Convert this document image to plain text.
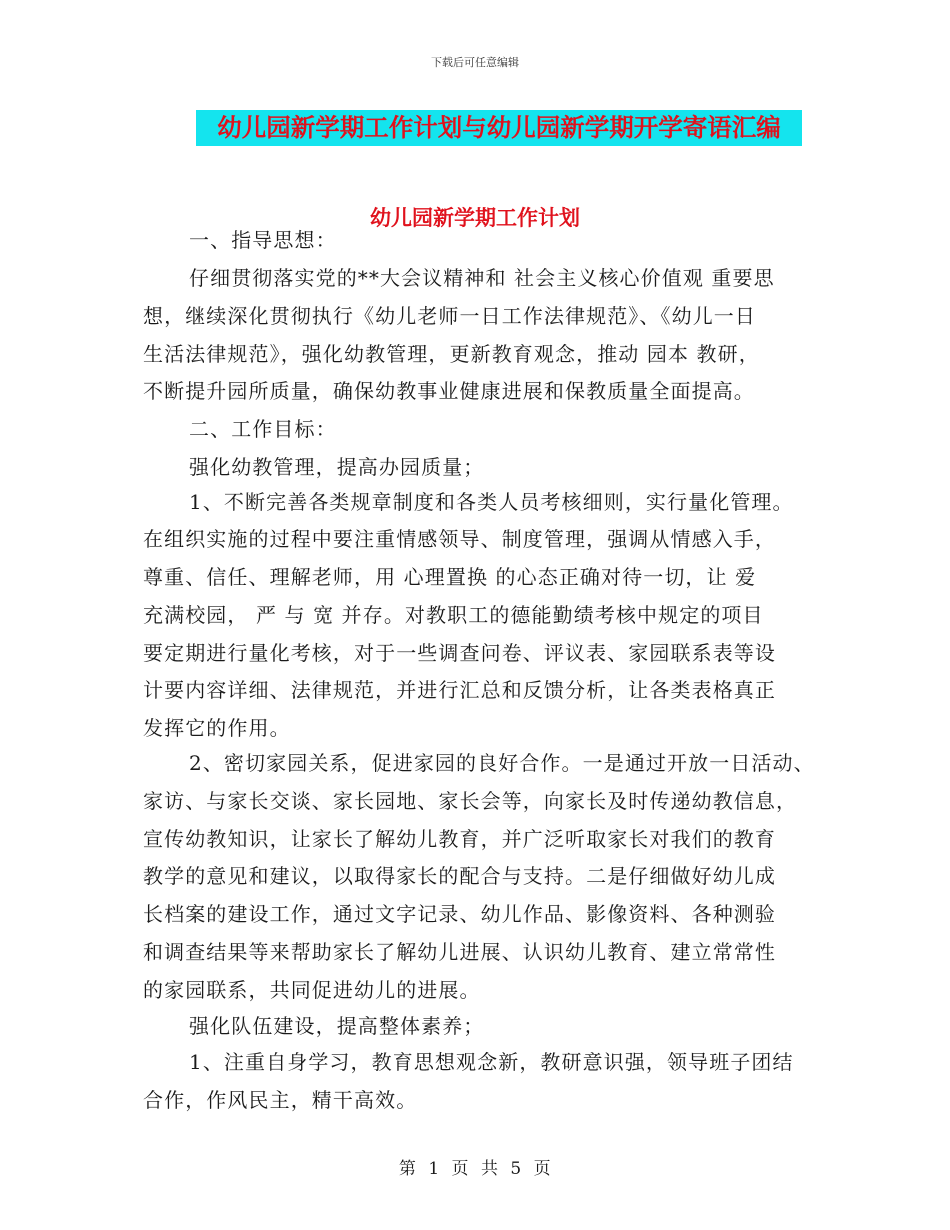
下载后可任意编辑
幼儿园新学期工作计划与幼儿园新学期开学寄语汇编
幼儿园新学期工作计划
一、指导思想：
仔细贯彻落实党的**大会议精神和 社会主义核心价值观 重要思
想，继续深化贯彻执行《幼儿老师一日工作法律规范》、《幼儿一日
生活法律规范》，强化幼教管理，更新教育观念，推动 园本 教研，
不断提升园所质量，确保幼教事业健康进展和保教质量全面提高。
二、工作目标：
强化幼教管理，提高办园质量；
1、不断完善各类规章制度和各类人员考核细则，实行量化管理。
在组织实施的过程中要注重情感领导、制度管理，强调从情感入手，
尊重、信任、理解老师，用 心理置换 的心态正确对待一切，让 爱
充满校园， 严 与 宽 并存。对教职工的德能勤绩考核中规定的项目
要定期进行量化考核，对于一些调查问卷、评议表、家园联系表等设
计要内容详细、法律规范，并进行汇总和反馈分析，让各类表格真正
发挥它的作用。
2、密切家园关系，促进家园的良好合作。一是通过开放一日活动、
家访、与家长交谈、家长园地、家长会等，向家长及时传递幼教信息，
宣传幼教知识，让家长了解幼儿教育，并广泛听取家长对我们的教育
教学的意见和建议，以取得家长的配合与支持。二是仔细做好幼儿成
长档案的建设工作，通过文字记录、幼儿作品、影像资料、各种测验
和调查结果等来帮助家长了解幼儿进展、认识幼儿教育、建立常常性
的家园联系，共同促进幼儿的进展。
强化队伍建设，提高整体素养；
1、注重自身学习，教育思想观念新，教研意识强，领导班子团结
合作，作风民主，精干高效。
第 1 页 共 5 页
